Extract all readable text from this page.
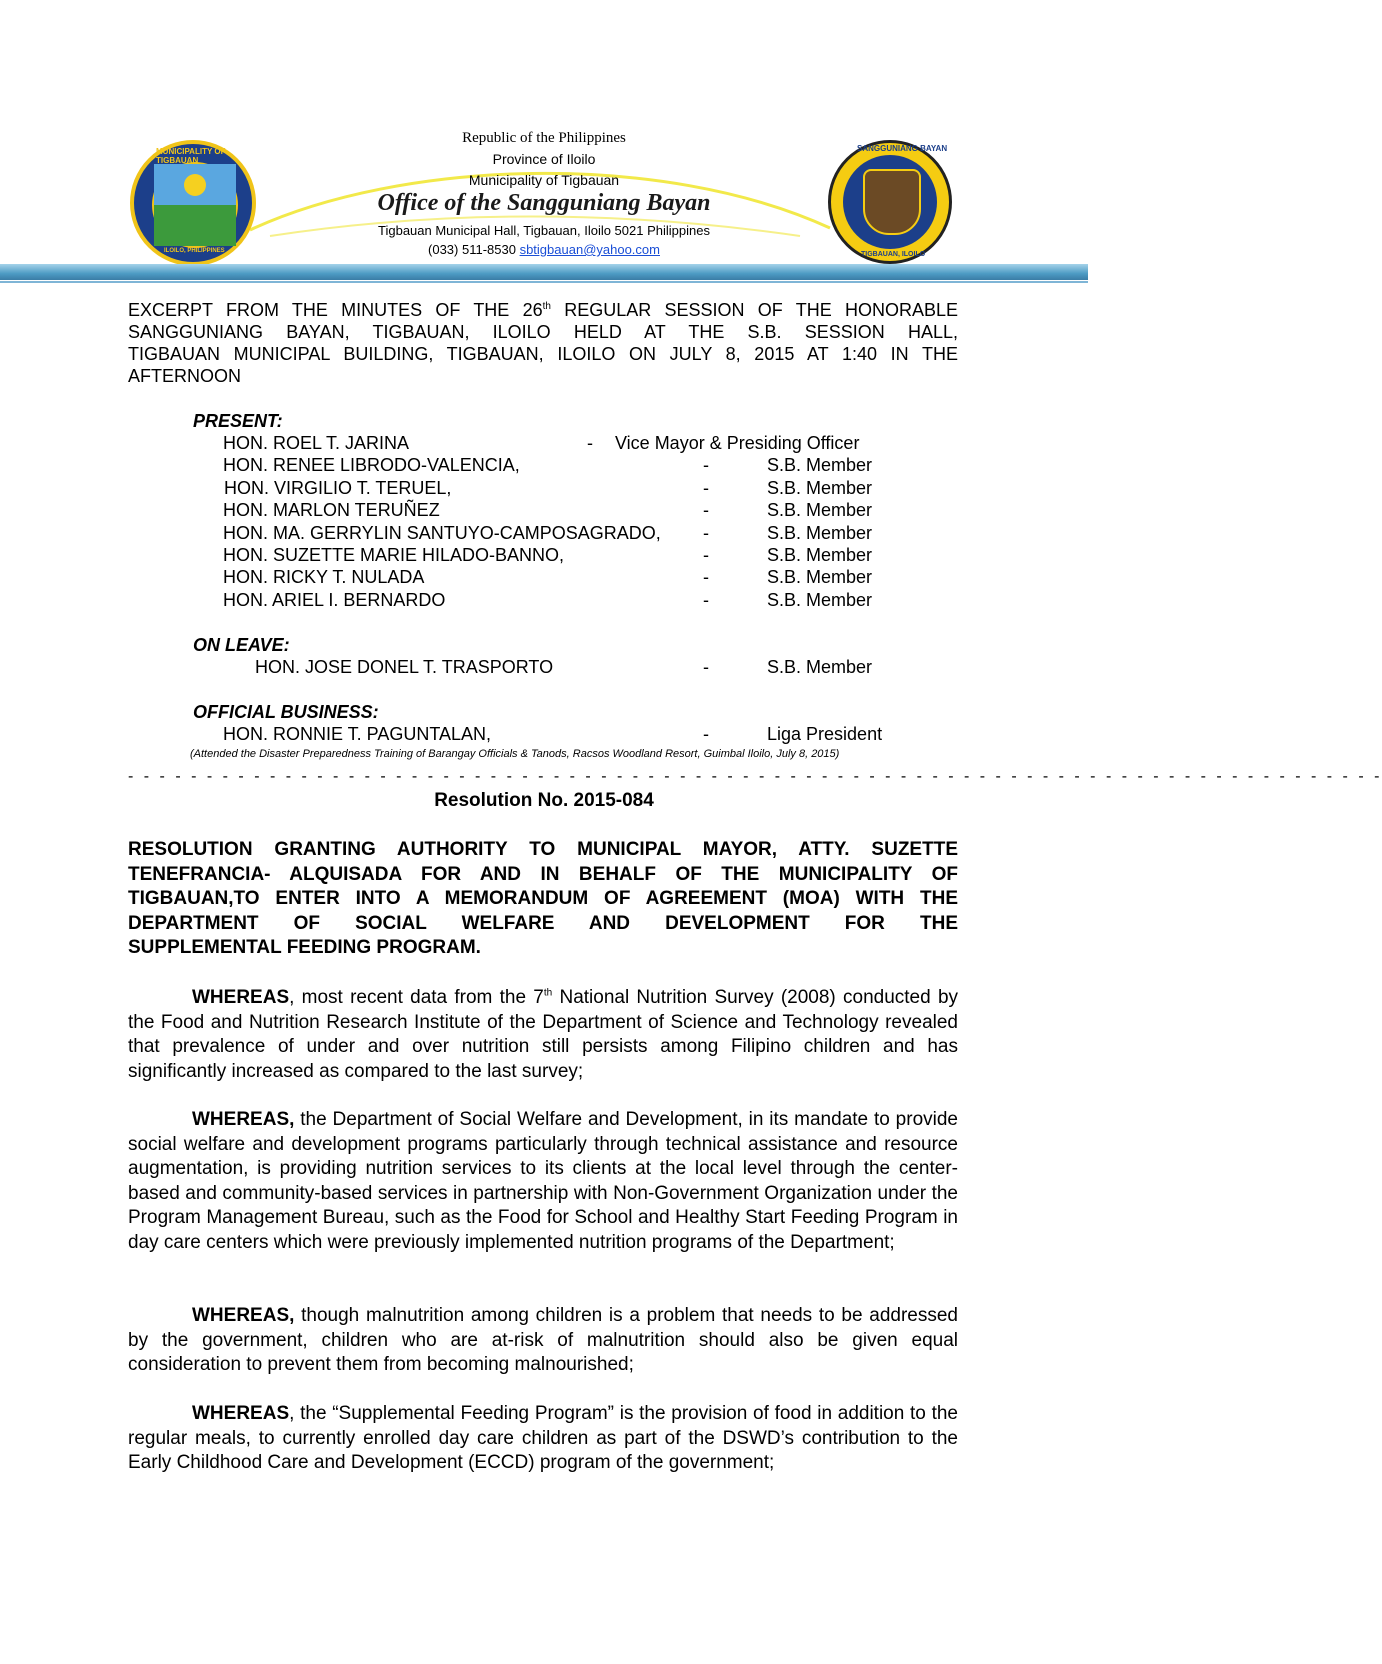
MUNICIPALITY OF TIGBAUAN
ILOILO, PHILIPPINES
SANGGUNIANG BAYAN
TIGBAUAN, ILOILO
Republic of the Philippines
Province of Iloilo
Municipality of Tigbauan
Office of the Sangguniang Bayan
Tigbauan Municipal Hall, Tigbauan, Iloilo 5021 Philippines
(033) 511-8530 sbtigbauan@yahoo.com
EXCERPT FROM THE MINUTES OF THE 26th REGULAR SESSION OF THE HONORABLE
SANGGUNIANG BAYAN, TIGBAUAN, ILOILO HELD AT THE S.B. SESSION HALL,
TIGBAUAN MUNICIPAL BUILDING, TIGBAUAN, ILOILO ON JULY 8, 2015 AT 1:40 IN THE
AFTERNOON
PRESENT:
HON. ROEL T. JARINA	- Vice Mayor & Presiding Officer
HON. RENEE LIBRODO-VALENCIA,	-	S.B. Member
HON. VIRGILIO T. TERUEL,	-	S.B. Member
HON. MARLON TERUÑEZ	-	S.B. Member
HON. MA. GERRYLIN SANTUYO-CAMPOSAGRADO, -	S.B. Member
HON. SUZETTE MARIE HILADO-BANNO,	-	S.B. Member
HON. RICKY T. NULADA	-	S.B. Member
HON. ARIEL I. BERNARDO	-	S.B. Member
ON LEAVE:
HON. JOSE DONEL T. TRASPORTO	-	S.B. Member
OFFICIAL BUSINESS:
HON. RONNIE T. PAGUNTALAN,	-	Liga President
(Attended the Disaster Preparedness Training of Barangay Officials & Tanods, Racsos Woodland Resort, Guimbal Iloilo, July 8, 2015)
- - - - - - - - - - - - - - - - - - - - - - - - - - - - - - - - - - - - - - - - - - - - - - - - - - - - - - - - - - - - - - - - - - - - - - - - - - - - - - - -
Resolution No. 2015-084
RESOLUTION GRANTING AUTHORITY TO MUNICIPAL MAYOR, ATTY. SUZETTE
TENEFRANCIA- ALQUISADA FOR AND IN BEHALF OF THE MUNICIPALITY OF
TIGBAUAN,TO ENTER INTO A MEMORANDUM OF AGREEMENT (MOA) WITH THE
DEPARTMENT OF SOCIAL WELFARE AND DEVELOPMENT FOR THE
SUPPLEMENTAL FEEDING PROGRAM.
WHEREAS, most recent data from the 7th National Nutrition Survey (2008) conducted by the Food and Nutrition Research Institute of the Department of Science and Technology revealed that prevalence of under and over nutrition still persists among Filipino children and has significantly increased as compared to the last survey;
WHEREAS, the Department of Social Welfare and Development, in its mandate to provide social welfare and development programs particularly through technical assistance and resource augmentation, is providing nutrition services to its clients at the local level through the center-based and community-based services in partnership with Non-Government Organization under the Program Management Bureau, such as the Food for School and Healthy Start Feeding Program in day care centers which were previously implemented nutrition programs of the Department;
WHEREAS, though malnutrition among children is a problem that needs to be addressed by the government, children who are at-risk of malnutrition should also be given equal consideration to prevent them from becoming malnourished;
WHEREAS, the “Supplemental Feeding Program” is the provision of food in addition to the regular meals, to currently enrolled day care children as part of the DSWD’s contribution to the Early Childhood Care and Development (ECCD) program of the government;
